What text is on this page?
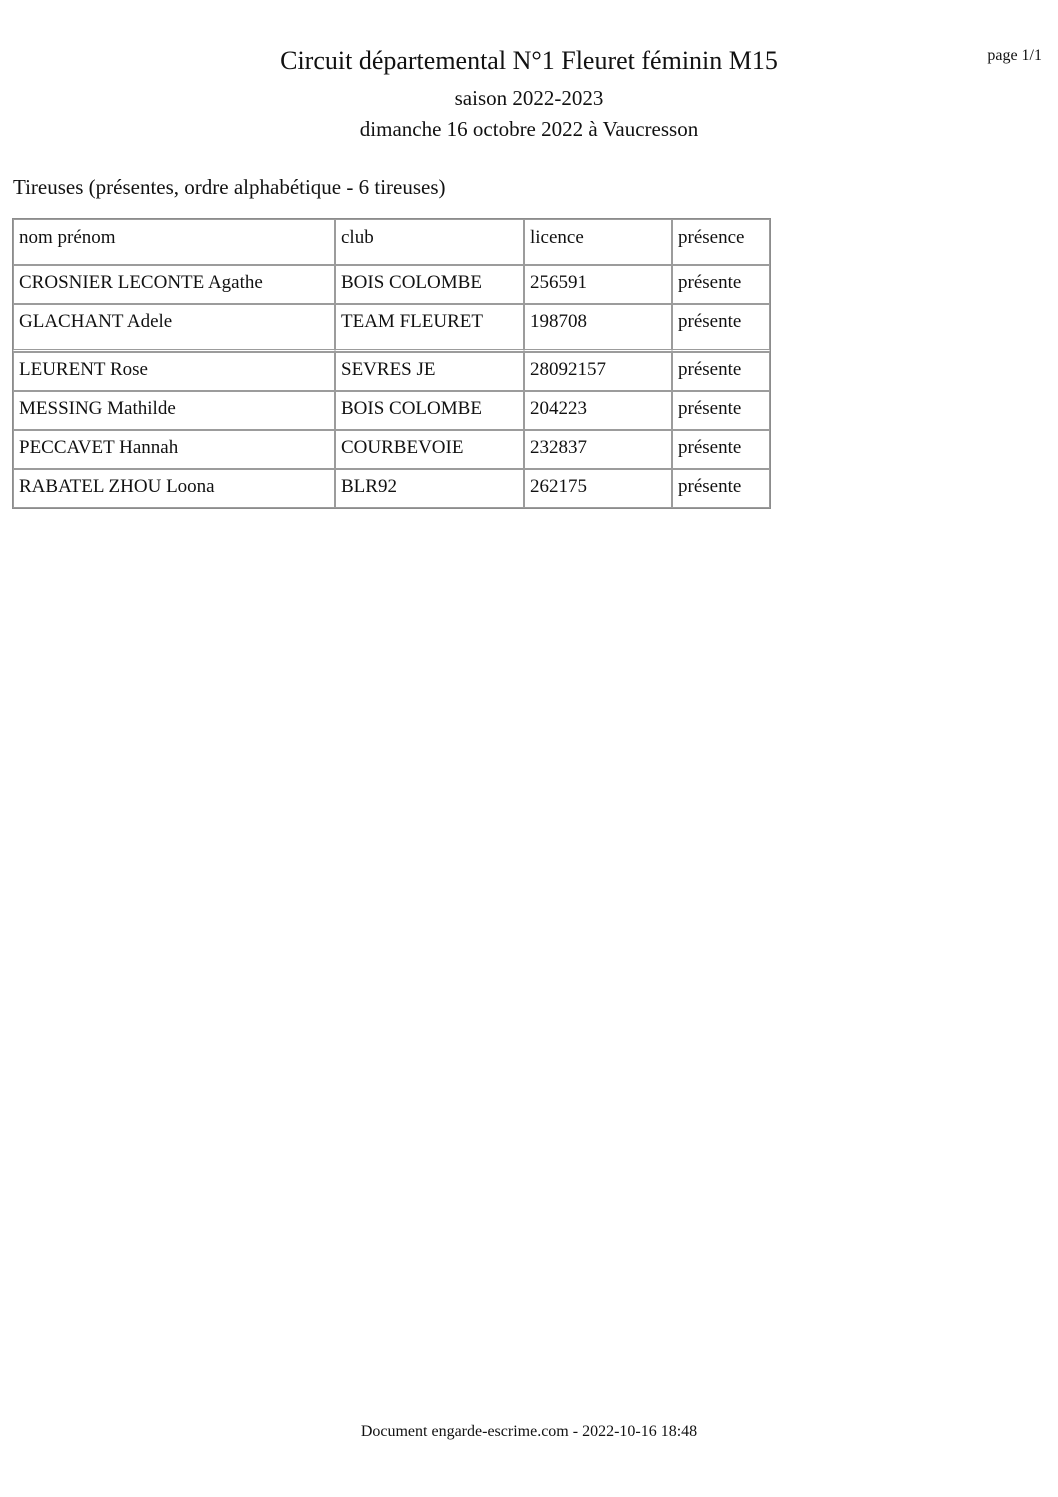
Circuit départemental N°1 Fleuret féminin M15
saison 2022-2023
dimanche 16 octobre 2022 à Vaucresson
page 1/1
Tireuses (présentes, ordre alphabétique - 6 tireuses)
nom prénom	club	licence	présence
CROSNIER LECONTE Agathe	BOIS COLOMBE	256591	présente
GLACHANT Adele	TEAM FLEURET	198708	présente
LEURENT Rose	SEVRES JE	28092157	présente
MESSING Mathilde	BOIS COLOMBE	204223	présente
PECCAVET Hannah	COURBEVOIE	232837	présente
RABATEL ZHOU Loona	BLR92	262175	présente
Document engarde-escrime.com - 2022-10-16 18:48
